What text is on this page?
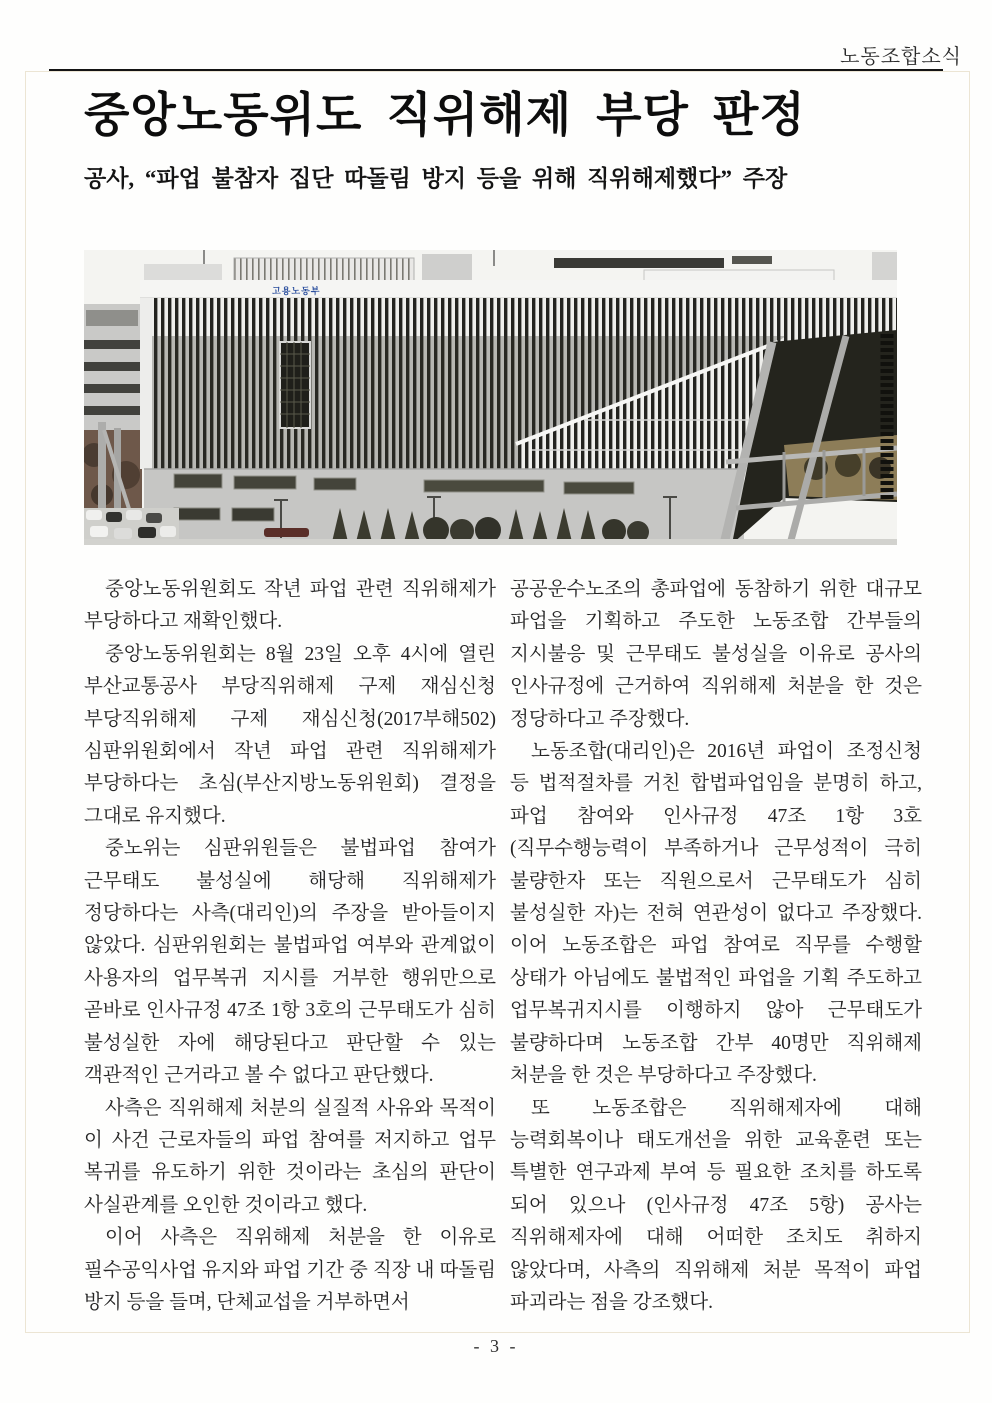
노동조합소식
중앙노동위도 직위해제 부당 판정
공사, “파업 불참자 집단 따돌림 방지 등을 위해 직위해제했다” 주장
고용노동부

중앙노동위원회도 작년 파업 관련 직위해제가 부당하다고 재확인했다.

중앙노동위원회는 8월 23일 오후 4시에 열린 부산교통공사 부당직위해제 구제 재심신청 부당직위해제 구제 재심신청(2017부해502) 심판위원회에서 작년 파업 관련 직위해제가 부당하다는 초심(부산지방노동위원회) 결정을 그대로 유지했다.

중노위는 심판위원들은 불법파업 참여가 근무태도 불성실에 해당해 직위해제가 정당하다는 사측(대리인)의 주장을 받아들이지 않았다. 심판위원회는 불법파업 여부와 관계없이 사용자의 업무복귀 지시를 거부한 행위만으로 곧바로 인사규정 47조 1항 3호의 근무태도가 심히 불성실한 자에 해당된다고 판단할 수 있는 객관적인 근거라고 볼 수 없다고 판단했다.

사측은 직위해제 처분의 실질적 사유와 목적이 이 사건 근로자들의 파업 참여를 저지하고 업무 복귀를 유도하기 위한 것이라는 초심의 판단이 사실관계를 오인한 것이라고 했다.

이어 사측은 직위해제 처분을 한 이유로 필수공익사업 유지와 파업 기간 중 직장 내 따돌림 방지 등을 들며, 단체교섭을 거부하면서

공공운수노조의 총파업에 동참하기 위한 대규모 파업을 기획하고 주도한 노동조합 간부들의 지시불응 및 근무태도 불성실을 이유로 공사의 인사규정에 근거하여 직위해제 처분을 한 것은 정당하다고 주장했다.

노동조합(대리인)은 2016년 파업이 조정신청 등 법적절차를 거친 합법파업임을 분명히 하고, 파업 참여와 인사규정 47조 1항 3호(직무수행능력이 부족하거나 근무성적이 극히 불량한자 또는 직원으로서 근무태도가 심히 불성실한 자)는 전혀 연관성이 없다고 주장했다. 이어 노동조합은 파업 참여로 직무를 수행할 상태가 아님에도 불법적인 파업을 기획 주도하고 업무복귀지시를 이행하지 않아 근무태도가 불량하다며 노동조합 간부 40명만 직위해제 처분을 한 것은 부당하다고 주장했다.

또 노동조합은 직위해제자에 대해 능력회복이나 태도개선을 위한 교육훈련 또는 특별한 연구과제 부여 등 필요한 조치를 하도록 되어 있으나 (인사규정 47조 5항) 공사는 직위해제자에 대해 어떠한 조치도 취하지 않았다며, 사측의 직위해제 처분 목적이 파업 파괴라는 점을 강조했다.

- 3 -
